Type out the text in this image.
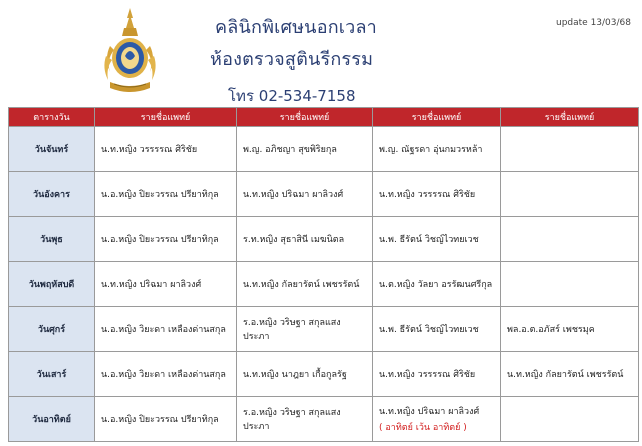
คลินิกพิเศษนอกเวลา
ห้องตรวจสูตินรีกรรม
โทร 02-534-7158
update 13/03/68
ตารางวัน	รายชื่อแพทย์	รายชื่อแพทย์	รายชื่อแพทย์	รายชื่อแพทย์
วันจันทร์	น.ท.หญิง วรรรรณ ศิริชัย	พ.ญ. อภิชญา สุขพิริยกุล	พ.ญ. ณัฐรดา อุ่นกมวรหล้า	
วันอังคาร	น.อ.หญิง ปิยะวรรณ ปรียาทิกุล	น.ท.หญิง ปริฉมา ผาลิวงศ์	น.ท.หญิง วรรรรณ ศิริชัย	
วันพุธ	น.อ.หญิง ปิยะวรรณ ปรียาทิกุล	ร.ท.หญิง สุธาสินี เมฆนิตล	น.พ. ธีรัตน์ วิชญ์ไวทยเวช	
วันพฤหัสบดี	น.ท.หญิง ปริฉมา ผาลิวงศ์	น.ท.หญิง กัลยารัตน์ เพชรรัตน์	น.ต.หญิง วัลยา อรรัฒนศรีกุล	
วันศุกร์	น.อ.หญิง วิยะดา เหลืองด่านสกุล	ร.อ.หญิง วริษฐา สกุลแสงประภา	น.พ. ธีรัตน์ วิชญ์ไวทยเวช	พล.อ.ต.อภัสร์ เพชรมุค
วันเสาร์	น.อ.หญิง วิยะดา เหลืองด่านสกุล	น.ท.หญิง นาฎยา เกื้อกูลรัฐ	น.ท.หญิง วรรรรณ ศิริชัย	น.ท.หญิง กัลยารัตน์ เพชรรัตน์
วันอาทิตย์	น.อ.หญิง ปิยะวรรณ ปรียาทิกุล	ร.อ.หญิง วริษฐา สกุลแสงประภา	น.ท.หญิง ปริฉมา ผาลิวงศ์
( อาทิตย์ เว้น อาทิตย์ )	
